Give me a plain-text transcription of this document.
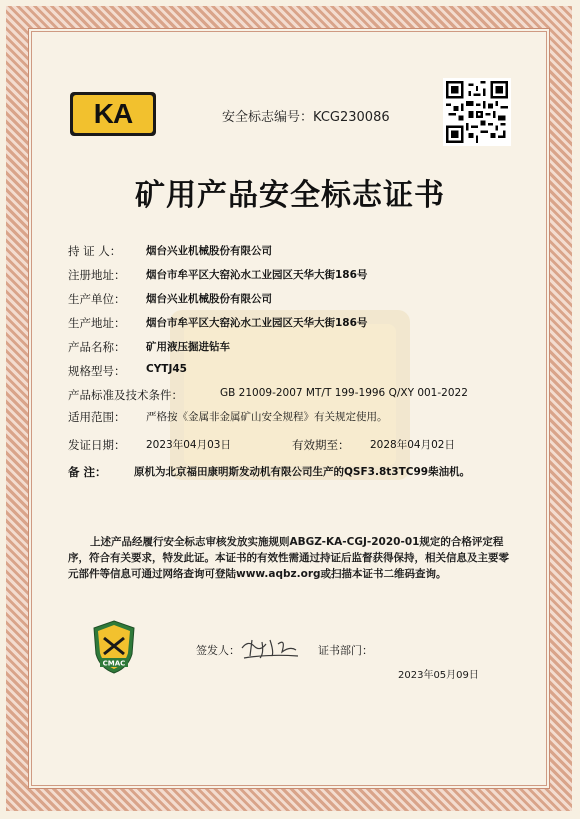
KA	安全标志编号：KCG230086
矿用产品安全标志证书
持 证 人： 烟台兴业机械股份有限公司
注册地址： 烟台市牟平区大窑沁水工业园区天华大街186号
生产单位： 烟台兴业机械股份有限公司
生产地址： 烟台市牟平区大窑沁水工业园区天华大街186号
产品名称： 矿用液压掘进钻车
规格型号： CYTJ45
产品标准及技术条件：	GB 21009-2007 MT/T 199-1996 Q/XY 001-2022
适用范围： 严格按《金属非金属矿山安全规程》有关规定使用。
发证日期： 2023年04月03日	有效期至： 2028年04月02日
备 注：	原机为北京福田康明斯发动机有限公司生产的QSF3.8t3TC99柴油机。
上述产品经履行安全标志审核发放实施规则ABGZ-KA-CGJ-2020-01规定的合格评定程序，符合有关要求，特发此证。本证书的有效性需通过持证后监督获得保持，相关信息及主要零元部件等信息可通过网络查询可登陆www.aqbz.org或扫描本证书二维码查询。
CMAC
签发人：	证书部门：
2023年05月09日
